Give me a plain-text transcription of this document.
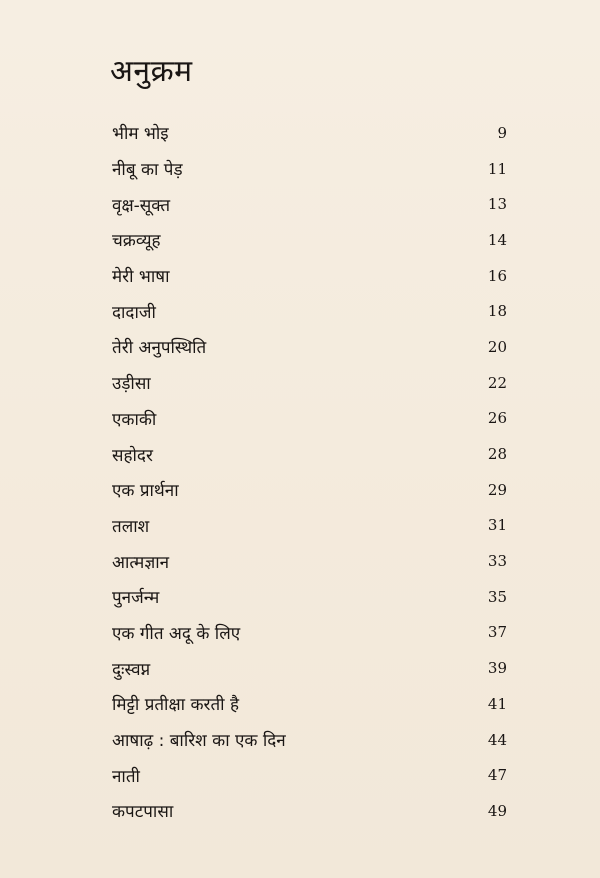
अनुक्रम
भीम भोइ	9
नीबू का पेड़	11
वृक्ष-सूक्त	13
चक्रव्यूह	14
मेरी भाषा	16
दादाजी	18
तेरी अनुपस्थिति	20
उड़ीसा	22
एकाकी	26
सहोदर	28
एक प्रार्थना	29
तलाश	31
आत्मज्ञान	33
पुनर्जन्म	35
एक गीत अदू के लिए	37
दुःस्वप्न	39
मिट्टी प्रतीक्षा करती है	41
आषाढ़ : बारिश का एक दिन	44
नाती	47
कपटपासा	49
